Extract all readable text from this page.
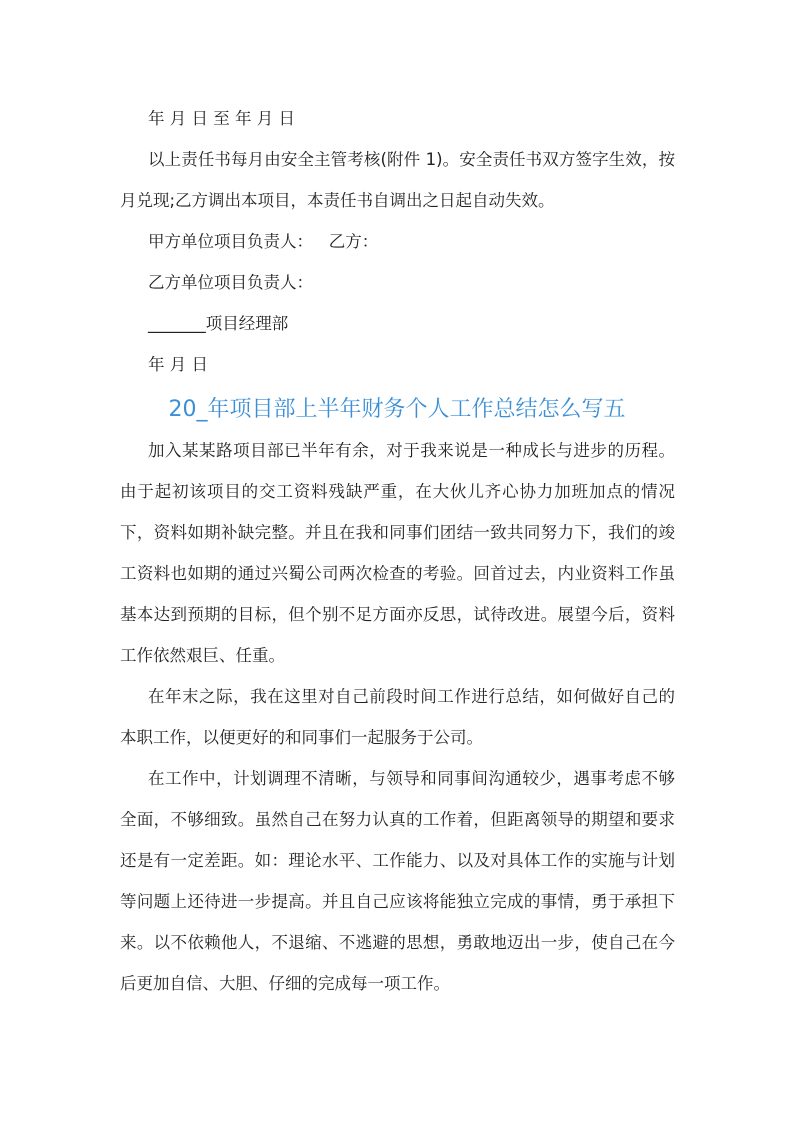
年 月 日 至 年 月 日

以上责任书每月由安全主管考核(附件 1)。安全责任书双方签字生效，按月兑现;乙方调出本项目，本责任书自调出之日起自动失效。

甲方单位项目负责人：   乙方：

乙方单位项目负责人：

_______项目经理部

年 月 日

20_年项目部上半年财务个人工作总结怎么写五

加入某某路项目部已半年有余，对于我来说是一种成长与进步的历程。由于起初该项目的交工资料残缺严重，在大伙儿齐心协力加班加点的情况下，资料如期补缺完整。并且在我和同事们团结一致共同努力下，我们的竣工资料也如期的通过兴蜀公司两次检查的考验。回首过去，内业资料工作虽基本达到预期的目标，但个别不足方面亦反思，试待改进。展望今后，资料工作依然艰巨、任重。

在年末之际，我在这里对自己前段时间工作进行总结，如何做好自己的本职工作，以便更好的和同事们一起服务于公司。

在工作中，计划调理不清晰，与领导和同事间沟通较少，遇事考虑不够全面，不够细致。虽然自己在努力认真的工作着，但距离领导的期望和要求还是有一定差距。如：理论水平、工作能力、以及对具体工作的实施与计划等问题上还待进一步提高。并且自己应该将能独立完成的事情，勇于承担下来。以不依赖他人，不退缩、不逃避的思想，勇敢地迈出一步，使自己在今后更加自信、大胆、仔细的完成每一项工作。
